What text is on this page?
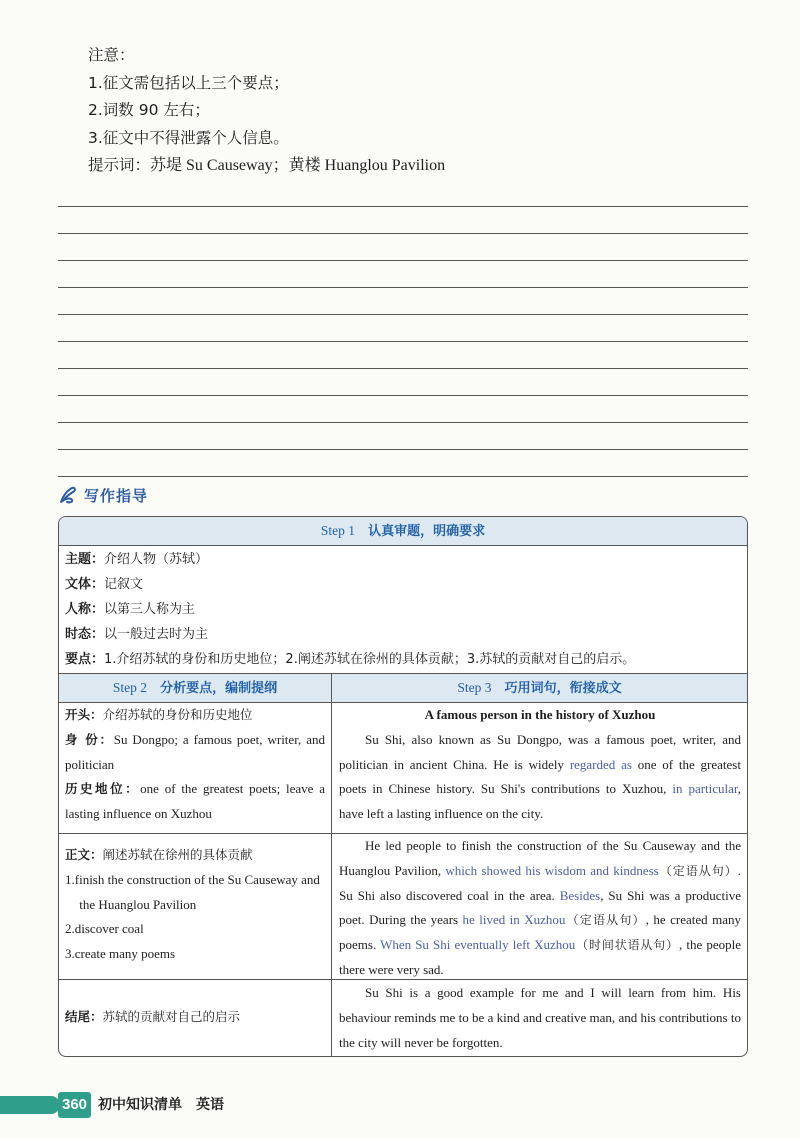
注意：
1.征文需包括以上三个要点；
2.词数 90 左右；
3.征文中不得泄露个人信息。
提示词：苏堤 Su Causeway；黄楼 Huanglou Pavilion
写作指导
Step 1　 认真审题，明确要求
主题：介绍人物（苏轼）
文体：记叙文
人称：以第三人称为主
时态：以一般过去时为主
要点：1.介绍苏轼的身份和历史地位；2.阐述苏轼在徐州的具体贡献；3.苏轼的贡献对自己的启示。
Step 2　 分析要点，编制提纲	Step 3　 巧用词句，衔接成文
开头：介绍苏轼的身份和历史地位
身 份：Su Dongpo; a famous poet, writer, and politician
历史地位：one of the greatest poets; leave a lasting influence on Xuzhou
正文：阐述苏轼在徐州的具体贡献
1.finish the construction of the Su Causeway and the Huanglou Pavilion
2.discover coal
3.create many poems
结尾：苏轼的贡献对自己的启示
A famous person in the history of Xuzhou
Su Shi, also known as Su Dongpo, was a famous poet, writer, and politician in ancient China. He is widely regarded as one of the greatest poets in Chinese history. Su Shi's contributions to Xuzhou, in particular, have left a lasting influence on the city.
He led people to finish the construction of the Su Causeway and the Huanglou Pavilion, which showed his wisdom and kindness（定语从句）. Su Shi also discovered coal in the area. Besides, Su Shi was a productive poet. During the years he lived in Xuzhou（定语从句）, he created many poems. When Su Shi eventually left Xuzhou（时间状语从句）, the people there were very sad.
Su Shi is a good example for me and I will learn from him. His behaviour reminds me to be a kind and creative man, and his contributions to the city will never be forgotten.
360 初中知识清单　英语
